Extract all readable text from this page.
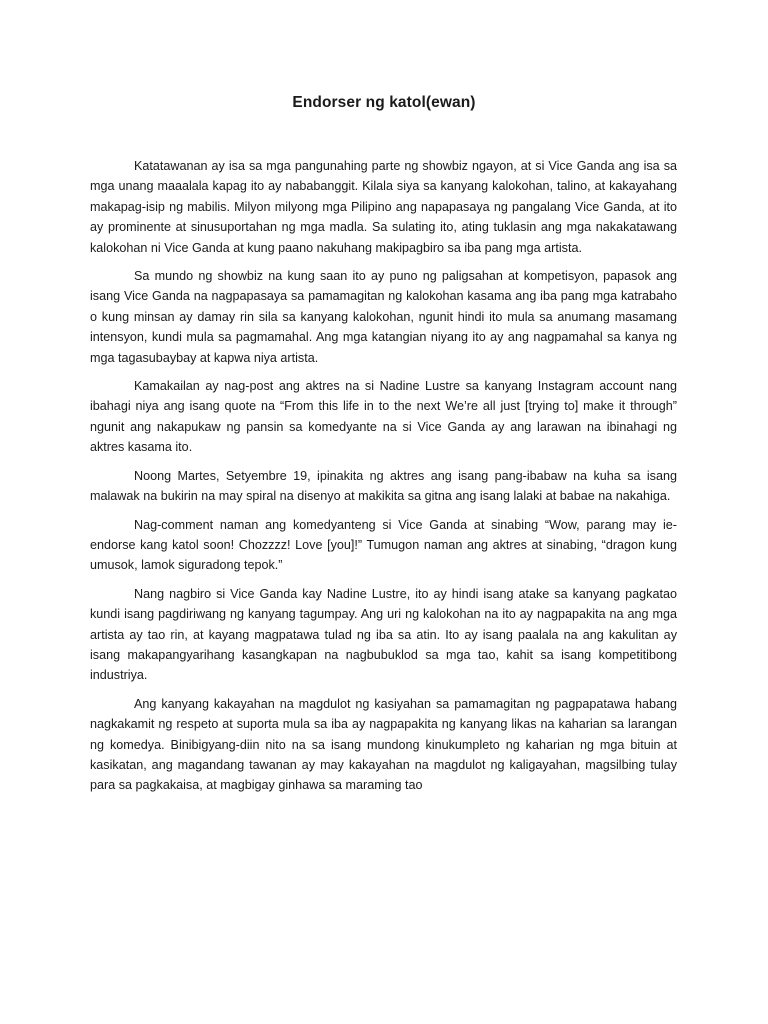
Endorser ng katol(ewan)

Katatawanan ay isa sa mga pangunahing parte ng showbiz ngayon, at si Vice Ganda ang isa sa mga unang maaalala kapag ito ay nababanggit. Kilala siya sa kanyang kalokohan, talino, at kakayahang makapag-isip ng mabilis. Milyon milyong mga Pilipino ang napapasaya ng pangalang Vice Ganda, at ito ay prominente at sinusuportahan ng mga madla. Sa sulating ito, ating tuklasin ang mga nakakatawang kalokohan ni Vice Ganda at kung paano nakuhang makipagbiro sa iba pang mga artista.

Sa mundo ng showbiz na kung saan ito ay puno ng paligsahan at kompetisyon, papasok ang isang Vice Ganda na nagpapasaya sa pamamagitan ng kalokohan kasama ang iba pang mga katrabaho o kung minsan ay damay rin sila sa kanyang kalokohan, ngunit hindi ito mula sa anumang masamang intensyon, kundi mula sa pagmamahal. Ang mga katangian niyang ito ay ang nagpamahal sa kanya ng mga tagasubaybay at kapwa niya artista.

Kamakailan ay nag-post ang aktres na si Nadine Lustre sa kanyang Instagram account nang ibahagi niya ang isang quote na “From this life in to the next We’re all just [trying to] make it through” ngunit ang nakapukaw ng pansin sa komedyante na si Vice Ganda ay ang larawan na ibinahagi ng aktres kasama ito.

Noong Martes, Setyembre 19, ipinakita ng aktres ang isang pang-ibabaw na kuha sa isang malawak na bukirin na may spiral na disenyo at makikita sa gitna ang isang lalaki at babae na nakahiga.

Nag-comment naman ang komedyanteng si Vice Ganda at sinabing “Wow, parang may ie-endorse kang katol soon! Chozzzz! Love [you]!” Tumugon naman ang aktres at sinabing, “dragon kung umusok, lamok siguradong tepok.”

Nang nagbiro si Vice Ganda kay Nadine Lustre, ito ay hindi isang atake sa kanyang pagkatao kundi isang pagdiriwang ng kanyang tagumpay. Ang uri ng kalokohan na ito ay nagpapakita na ang mga artista ay tao rin, at kayang magpatawa tulad ng iba sa atin. Ito ay isang paalala na ang kakulitan ay isang makapangyarihang kasangkapan na nagbubuklod sa mga tao, kahit sa isang kompetitibong industriya.

Ang kanyang kakayahan na magdulot ng kasiyahan sa pamamagitan ng pagpapatawa habang nagkakamit ng respeto at suporta mula sa iba ay nagpapakita ng kanyang likas na kaharian sa larangan ng komedya. Binibigyang-diin nito na sa isang mundong kinukumpleto ng kaharian ng mga bituin at kasikatan, ang magandang tawanan ay may kakayahan na magdulot ng kaligayahan, magsilbing tulay para sa pagkakaisa, at magbigay ginhawa sa maraming tao
